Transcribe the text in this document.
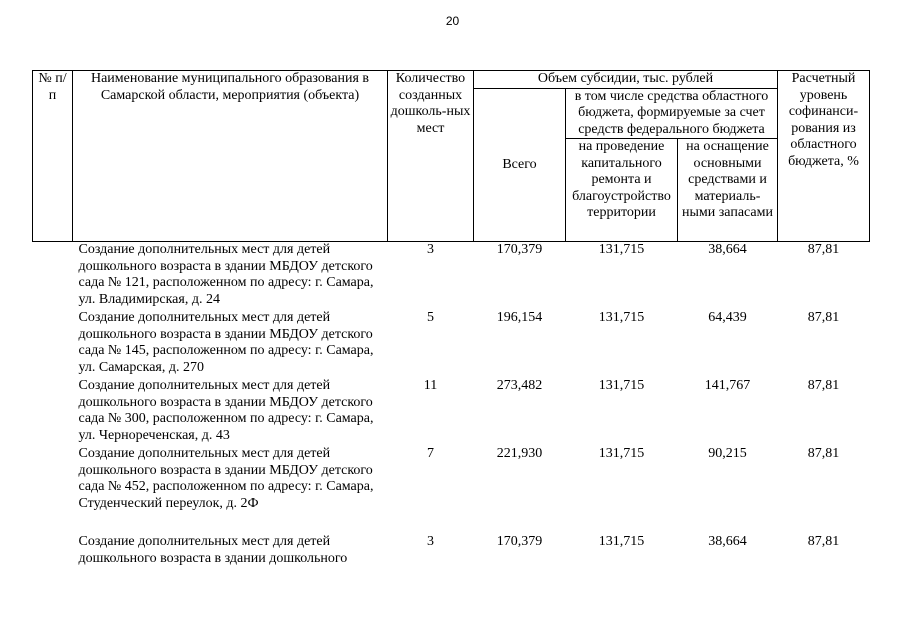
20
№ п/п	Наименование муниципального образования в Самарской области, мероприятия (объекта)	Количество созданных дошколь-ных мест	Объем субсидии, тыс. рублей			Расчетный уровень софинанси-рования из областного бюджета, %
			Всего	в том числе средства областного бюджета, формируемые за счет средств федерального бюджета		
				на проведение капитального ремонта и благоустройство территории	на оснащение основными средствами и материаль-ными запасами	
	Создание дополнительных мест для детей дошкольного возраста в здании МБДОУ детского сада № 121, расположенном по адресу: г. Самара, ул. Владимирская, д. 24	3	170,379	131,715	38,664	87,81
	Создание дополнительных мест для детей дошкольного возраста в здании МБДОУ детского сада № 145, расположенном по адресу: г. Самара, ул. Самарская, д. 270	5	196,154	131,715	64,439	87,81
	Создание дополнительных мест для детей дошкольного возраста в здании МБДОУ детского сада № 300, расположенном по адресу: г. Самара, ул. Чернореченская, д. 43	11	273,482	131,715	141,767	87,81
	Создание дополнительных мест для детей дошкольного возраста в здании МБДОУ детского сада № 452, расположенном по адресу: г. Самара, Студенческий переулок, д. 2Ф	7	221,930	131,715	90,215	87,81
	Создание дополнительных мест для детей дошкольного возраста в здании дошкольного	3	170,379	131,715	38,664	87,81
